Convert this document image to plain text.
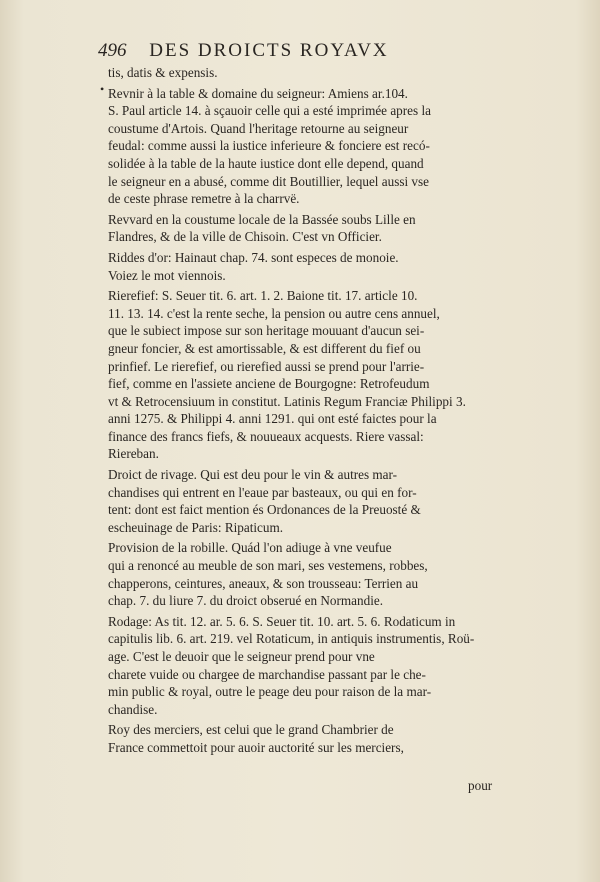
496 DES DROICTS ROYAVX
•
tis, datis & expensis.
Revnir à la table & domaine du seigneur: Amiens ar.104.
S. Paul article 14. à sçauoir celle qui a esté imprimée apres la
coustume d'Artois. Quand l'heritage retourne au seigneur
feudal: comme aussi la iustice inferieure & fonciere est recó-
solidée à la table de la haute iustice dont elle depend, quand
le seigneur en a abusé, comme dit Boutillier, lequel aussi vse
de ceste phrase remetre à la charrvë.
Revvard en la coustume locale de la Bassée soubs Lille en
Flandres, & de la ville de Chisoin. C'est vn Officier.
Riddes d'or: Hainaut chap. 74. sont especes de monoie.
Voiez le mot viennois.
Rierefief: S. Seuer tit. 6. art. 1. 2. Baione tit. 17. article 10.
11. 13. 14. c'est la rente seche, la pension ou autre cens annuel,
que le subiect impose sur son heritage mouuant d'aucun sei-
gneur foncier, & est amortissable, & est different du fief ou
prinfief. Le rierefief, ou rierefied aussi se prend pour l'arrie-
fief, comme en l'assiete anciene de Bourgogne: Retrofeudum
vt & Retrocensiuum in constitut. Latinis Regum Franciæ Philippi 3.
anni 1275. & Philippi 4. anni 1291. qui ont esté faictes pour la
finance des francs fiefs, & nouueaux acquests. Riere vassal:
Riereban.
Droict de rivage. Qui est deu pour le vin & autres mar-
chandises qui entrent en l'eaue par basteaux, ou qui en for-
tent: dont est faict mention és Ordonances de la Preuosté &
escheuinage de Paris: Ripaticum.
Provision de la robille. Quád l'on adiuge à vne veufue
qui a renoncé au meuble de son mari, ses vestemens, robbes,
chapperons, ceintures, aneaux, & son trousseau: Terrien au
chap. 7. du liure 7. du droict obserué en Normandie.
Rodage: As tit. 12. ar. 5. 6. S. Seuer tit. 10. art. 5. 6. Rodaticum in
capitulis lib. 6. art. 219. vel Rotaticum, in antiquis instrumentis, Roü-
age. C'est le deuoir que le seigneur prend pour vne
charete vuide ou chargee de marchandise passant par le che-
min public & royal, outre le peage deu pour raison de la mar-
chandise.
Roy des merciers, est celui que le grand Chambrier de
France commettoit pour auoir auctorité sur les merciers,
pour
